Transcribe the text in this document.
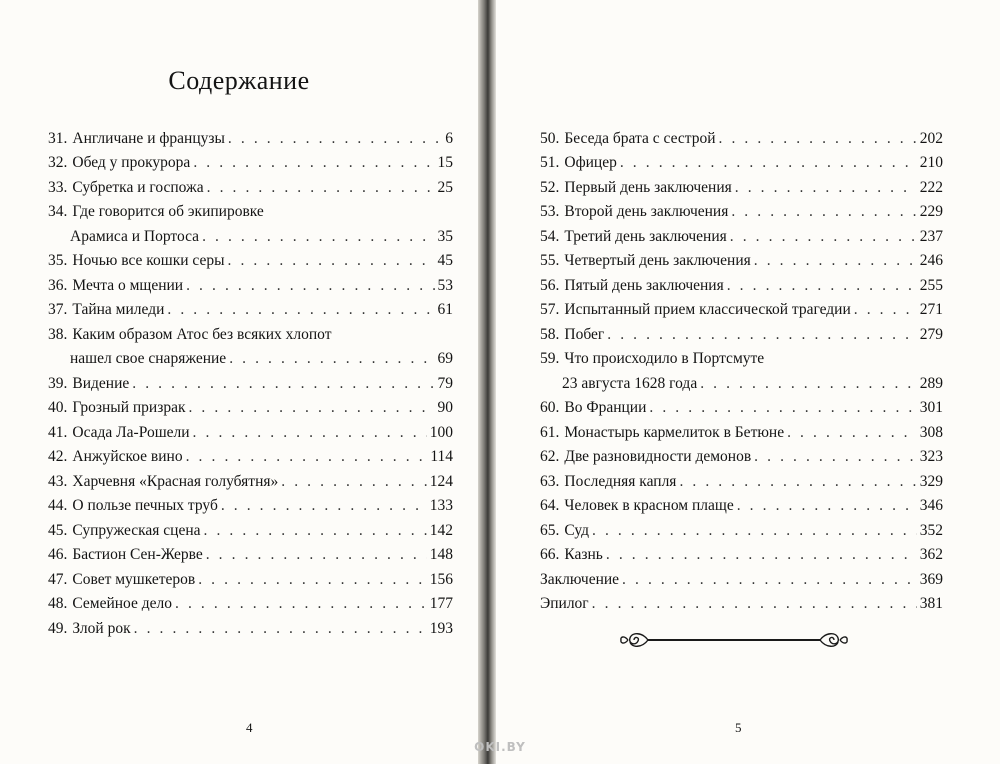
Содержание
31. Англичане и французы . . .	6
32. Обед у прокурора . . .	15
33. Субретка и госпожа . . .	25
34. Где говорится об экипировке
Арамиса и Портоса . . .	35
35. Ночью все кошки серы . . .	45
36. Мечта о мщении . . .	53
37. Тайна миледи . . .	61
38. Каким образом Атос без всяких хлопот
нашел свое снаряжение . . .	69
39. Видение . . .	79
40. Грозный призрак . . .	90
41. Осада Ла-Рошели . . .	100
42. Анжуйское вино . . .	114
43. Харчевня «Красная голубятня» . . .	124
44. О пользе печных труб . . .	133
45. Супружеская сцена . . .	142
46. Бастион Сен-Жерве . . .	148
47. Совет мушкетеров . . .	156
48. Семейное дело . . .	177
49. Злой рок . . .	193
50. Беседа брата с сестрой . . .	202
51. Офицер . . .	210
52. Первый день заключения . . .	222
53. Второй день заключения . . .	229
54. Третий день заключения . . .	237
55. Четвертый день заключения . . .	246
56. Пятый день заключения . . .	255
57. Испытанный прием классической трагедии . . .	271
58. Побег . . .	279
59. Что происходило в Портсмуте
23 августа 1628 года . . .	289
60. Во Франции . . .	301
61. Монастырь кармелиток в Бетюне . . .	308
62. Две разновидности демонов . . .	323
63. Последняя капля . . .	329
64. Человек в красном плаще . . .	346
65. Суд . . .	352
66. Казнь . . .	362
Заключение . . .	369
Эпилог . . .	381
4	5
OKI.BY
